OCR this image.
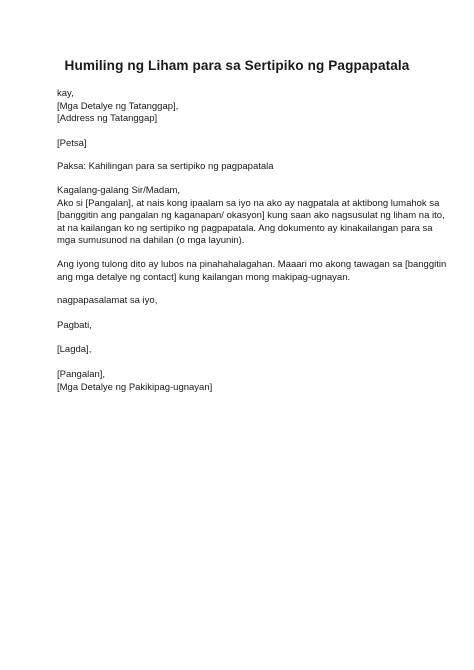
Humiling ng Liham para sa Sertipiko ng Pagpapatala

kay,
[Mga Detalye ng Tatanggap],
[Address ng Tatanggap]

[Petsa]

Paksa: Kahilingan para sa sertipiko ng pagpapatala

Kagalang-galang Sir/Madam,
Ako si [Pangalan], at nais kong ipaalam sa iyo na ako ay nagpatala at aktibong lumahok sa
[banggitin ang pangalan ng kaganapan/ okasyon] kung saan ako nagsusulat ng liham na ito,
at na kailangan ko ng sertipiko ng pagpapatala. Ang dokumento ay kinakailangan para sa
mga sumusunod na dahilan (o mga layunin).

Ang iyong tulong dito ay lubos na pinahahalagahan. Maaari mo akong tawagan sa [banggitin
ang mga detalye ng contact] kung kailangan mong makipag-ugnayan.

nagpapasalamat sa iyo,

Pagbati,

[Lagda],

[Pangalan],
[Mga Detalye ng Pakikipag-ugnayan]
